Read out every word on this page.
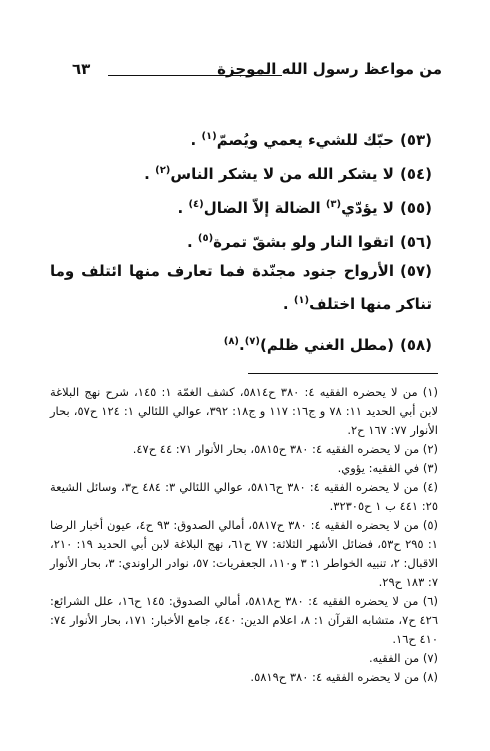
من مواعظ رسول الله الموجزة
٦٣
(٥٣)حبّك للشيء يعمي ويُصمّ$^{(١)}$ .
(٥٤)لا يشكر الله من لا يشكر الناس$^{(٢)}$ .
(٥٥)لا يؤدّي$^{(٣)}$ الضالة إلاّ الضال$^{(٤)}$ .
(٥٦)اتقوا النار ولو بشقّ تمرة$^{(٥)}$ .
(٥٧)الأرواح جنود مجنّدة فما تعارف منها ائتلف وما تناكر منها اختلف$^{(١)}$ .
(٥٨)(مطل الغني ظلم)$^{(٧)}$.$^{(٨)}$

(١) من لا يحضره الفقيه ٤: ٣٨٠ ح٥٨١٤، كشف الغمّة ١: ١٤٥، شرح نهج البلاغة لابن أبي الحديد ١١: ٧٨ و ج١٦: ١١٧ و ج١٨: ٣٩٢، عوالي اللئالي ١: ١٢٤ ح٥٧، بحار الأنوار ٧٧: ١٦٧ ح٢.

(٢) من لا يحضره الفقيه ٤: ٣٨٠ ح٥٨١٥، بحار الأنوار ٧١: ٤٤ ح٤٧.

(٣) في الفقيه: يؤوي.

(٤) من لا يحضره الفقيه ٤: ٣٨٠ ح٥٨١٦، عوالي اللئالي ٣: ٤٨٤ ح٣، وسائل الشيعة ٢٥: ٤٤١ ب ١ ح٣٢٣٠٥.

(٥) من لا يحضره الفقيه ٤: ٣٨٠ ح٥٨١٧، أمالي الصدوق: ٩٣ ح٤، عيون أخبار الرضا ١: ٢٩٥ ح٥٣، فضائل الأشهر الثلاثة: ٧٧ ح٦١، نهج البلاغة لابن أبي الحديد ١٩: ٢١٠، الاقبال: ٢، تنبيه الخواطر ١: ٣ و١١٠، الجعفريات: ٥٧، نوادر الراوندي: ٣، بحار الأنوار ٧: ١٨٣ ح٢٩.

(٦) من لا يحضره الفقيه ٤: ٣٨٠ ح٥٨١٨، أمالي الصدوق: ١٤٥ ح١٦، علل الشرائع: ٤٢٦ ح٧، متشابه القرآن ١: ٨، اعلام الدين: ٤٤٠، جامع الأخبار: ١٧١، بحار الأنوار ٧٤: ٤١٠ ح١٦.

(٧) من الفقيه.

(٨) من لا يحضره الفقيه ٤: ٣٨٠ ح٥٨١٩.
